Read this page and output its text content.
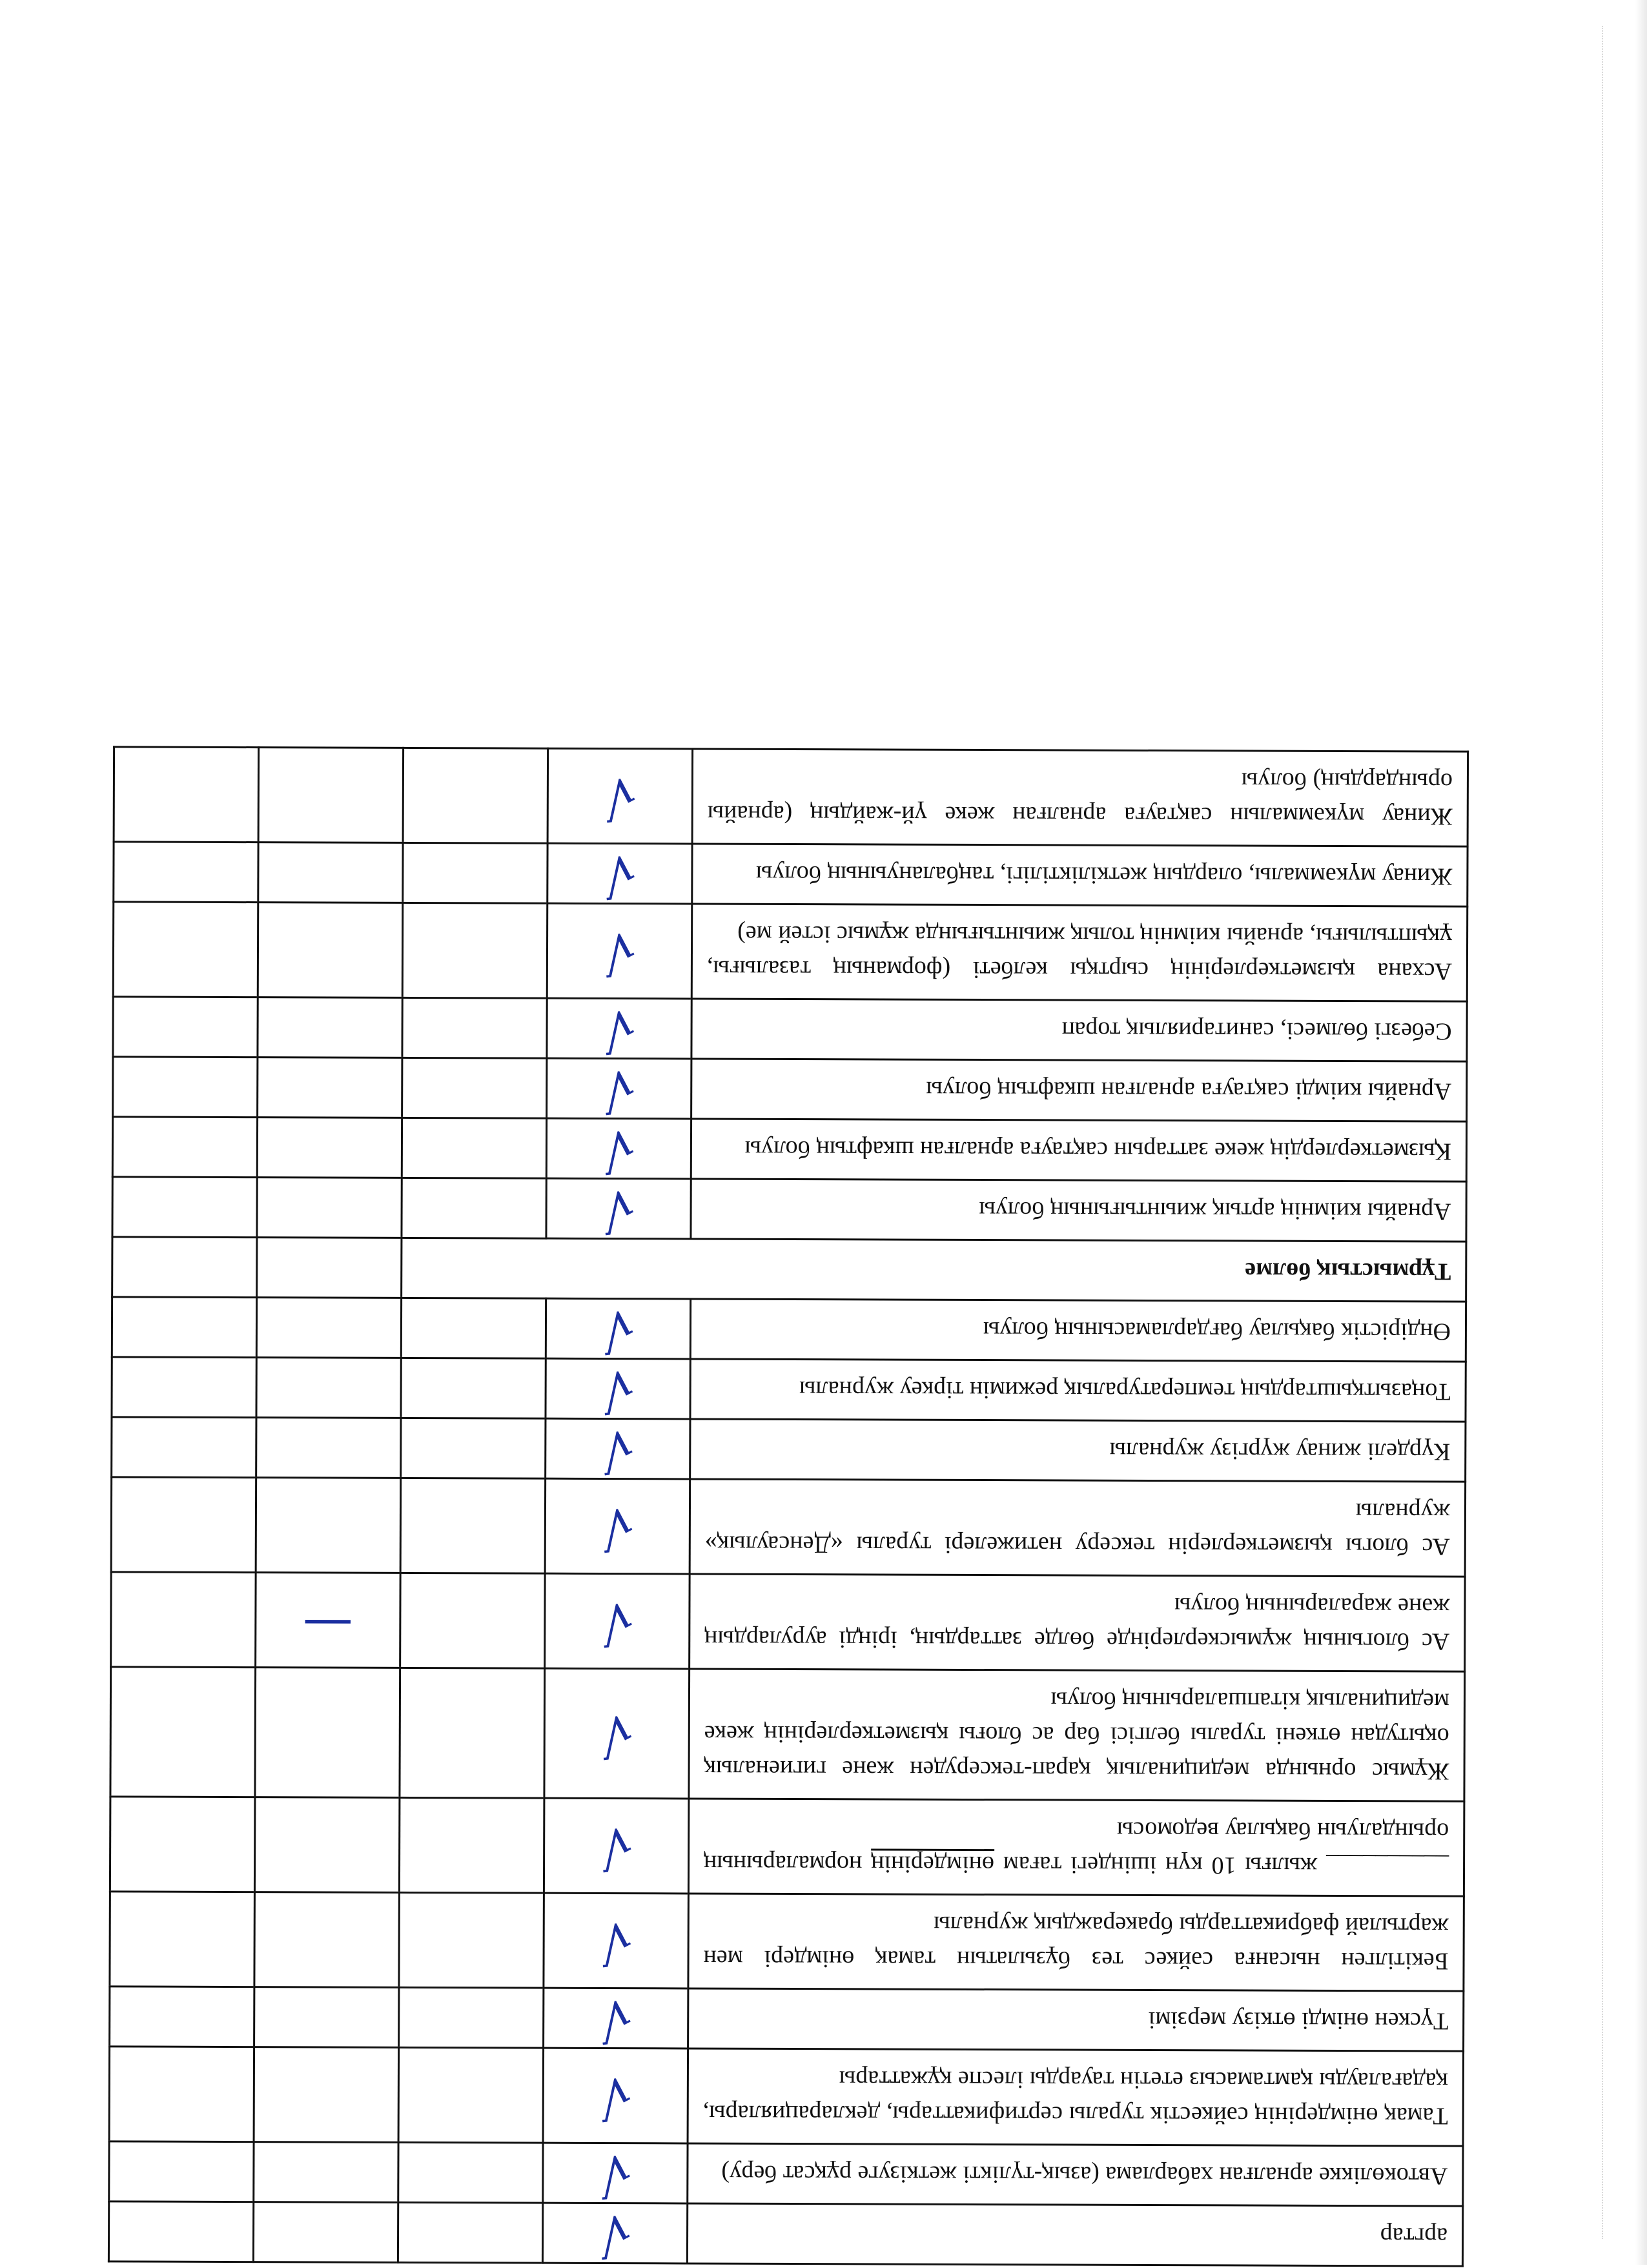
аргтар	√			
Автокөлікке арналған хабарлама (азық-түлікті жеткізуге рұқсат беру)	√			
Тамақ өнімдерінің сәйкестік туралы сертификаттары, декларациялары, қадағалауды қамтамасыз ететін тауарды ілеспе құжаттары	√			
Түскен өнімді өткізу мерзімі	√			
Бекітілген нысанға сәйкес тез бұзылатын тамақ өнімдері мен жартылай фабрикаттарды бракераждық журналы	√			
__________ жылғы 10 күн ішіндегі тағам өнімдерінің нормаларының орындалуын бақылау ведомосы	√			
Жұмыс орнында медициналық қарап-тексеруден және гигиеналық оқытудан өткені туралы белгісі бар ас блоғы қызметкерлерінің жеке медициналық кітапшаларының болуы	√			
Ас блогының жұмыскерлерінде бөлде заттардың, іріңді аурулардың және жараларының болуы	√		—	
Ас блогы қызметкерлерін тексеру нәтижелері туралы «Денсаулық» журналы	√			
Күрделі жинау жүргізу журналы	√			
Тоңазытқыштардың температуралық режимін тіркеу журналы	√			
Өндірістік бақылау бағдарламасының болуы	√			
Тұрмыстық бөлме				
Арнайы киімнің артық жиынтығының болуы	√			
Қызметкерлердің жеке заттарын сақтауға арналған шкафтың болуы	√			
Арнайы киімді сақтауға арналған шкафтың болуы	√			
Себезгі бөлмесі, санитариялық торап	√			
Асхана қызметкерлерінің сыртқы келбеті (форманың тазалығы, ұқыптылығы, арнайы киімнің толық жиынтығында жұмыс істей ме)	√			
Жинау мүкәммалы, олардың жеткіліктілігі, таңбалануының болуы	√			
Жинау мүкәммалын сақтауға арналған жеке үй-жайдың (арнайы орындардың) болуы	√			
